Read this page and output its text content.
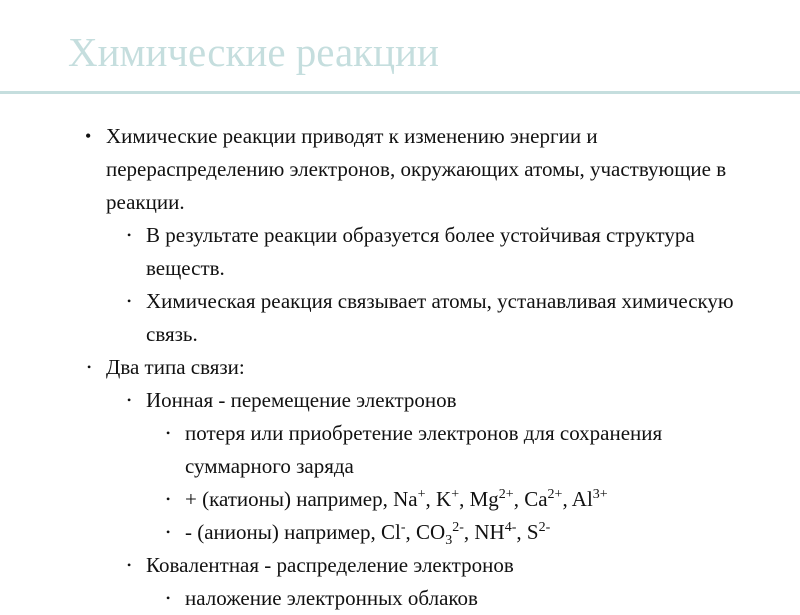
Химические реакции
• Химические реакции приводят к изменению энергии и перераспределению электронов, окружающих атомы, участвующие в реакции.
• В результате реакции образуется более устойчивая структура веществ.
• Химическая реакция связывает атомы, устанавливая химическую связь.
• Два типа связи:
• Ионная - перемещение электронов
• потеря или приобретение электронов для сохранения суммарного заряда
• + (катионы) например, Na+, K+, $Mg^{2+}$, $Ca^{2+}$, $Al^{3+}$
• - (анионы) например, Cl-, $CO_3^{2-}$, $NH^{4-}$, $S^{2-}$
• Ковалентная - распределение электронов
• наложение электронных облаков
